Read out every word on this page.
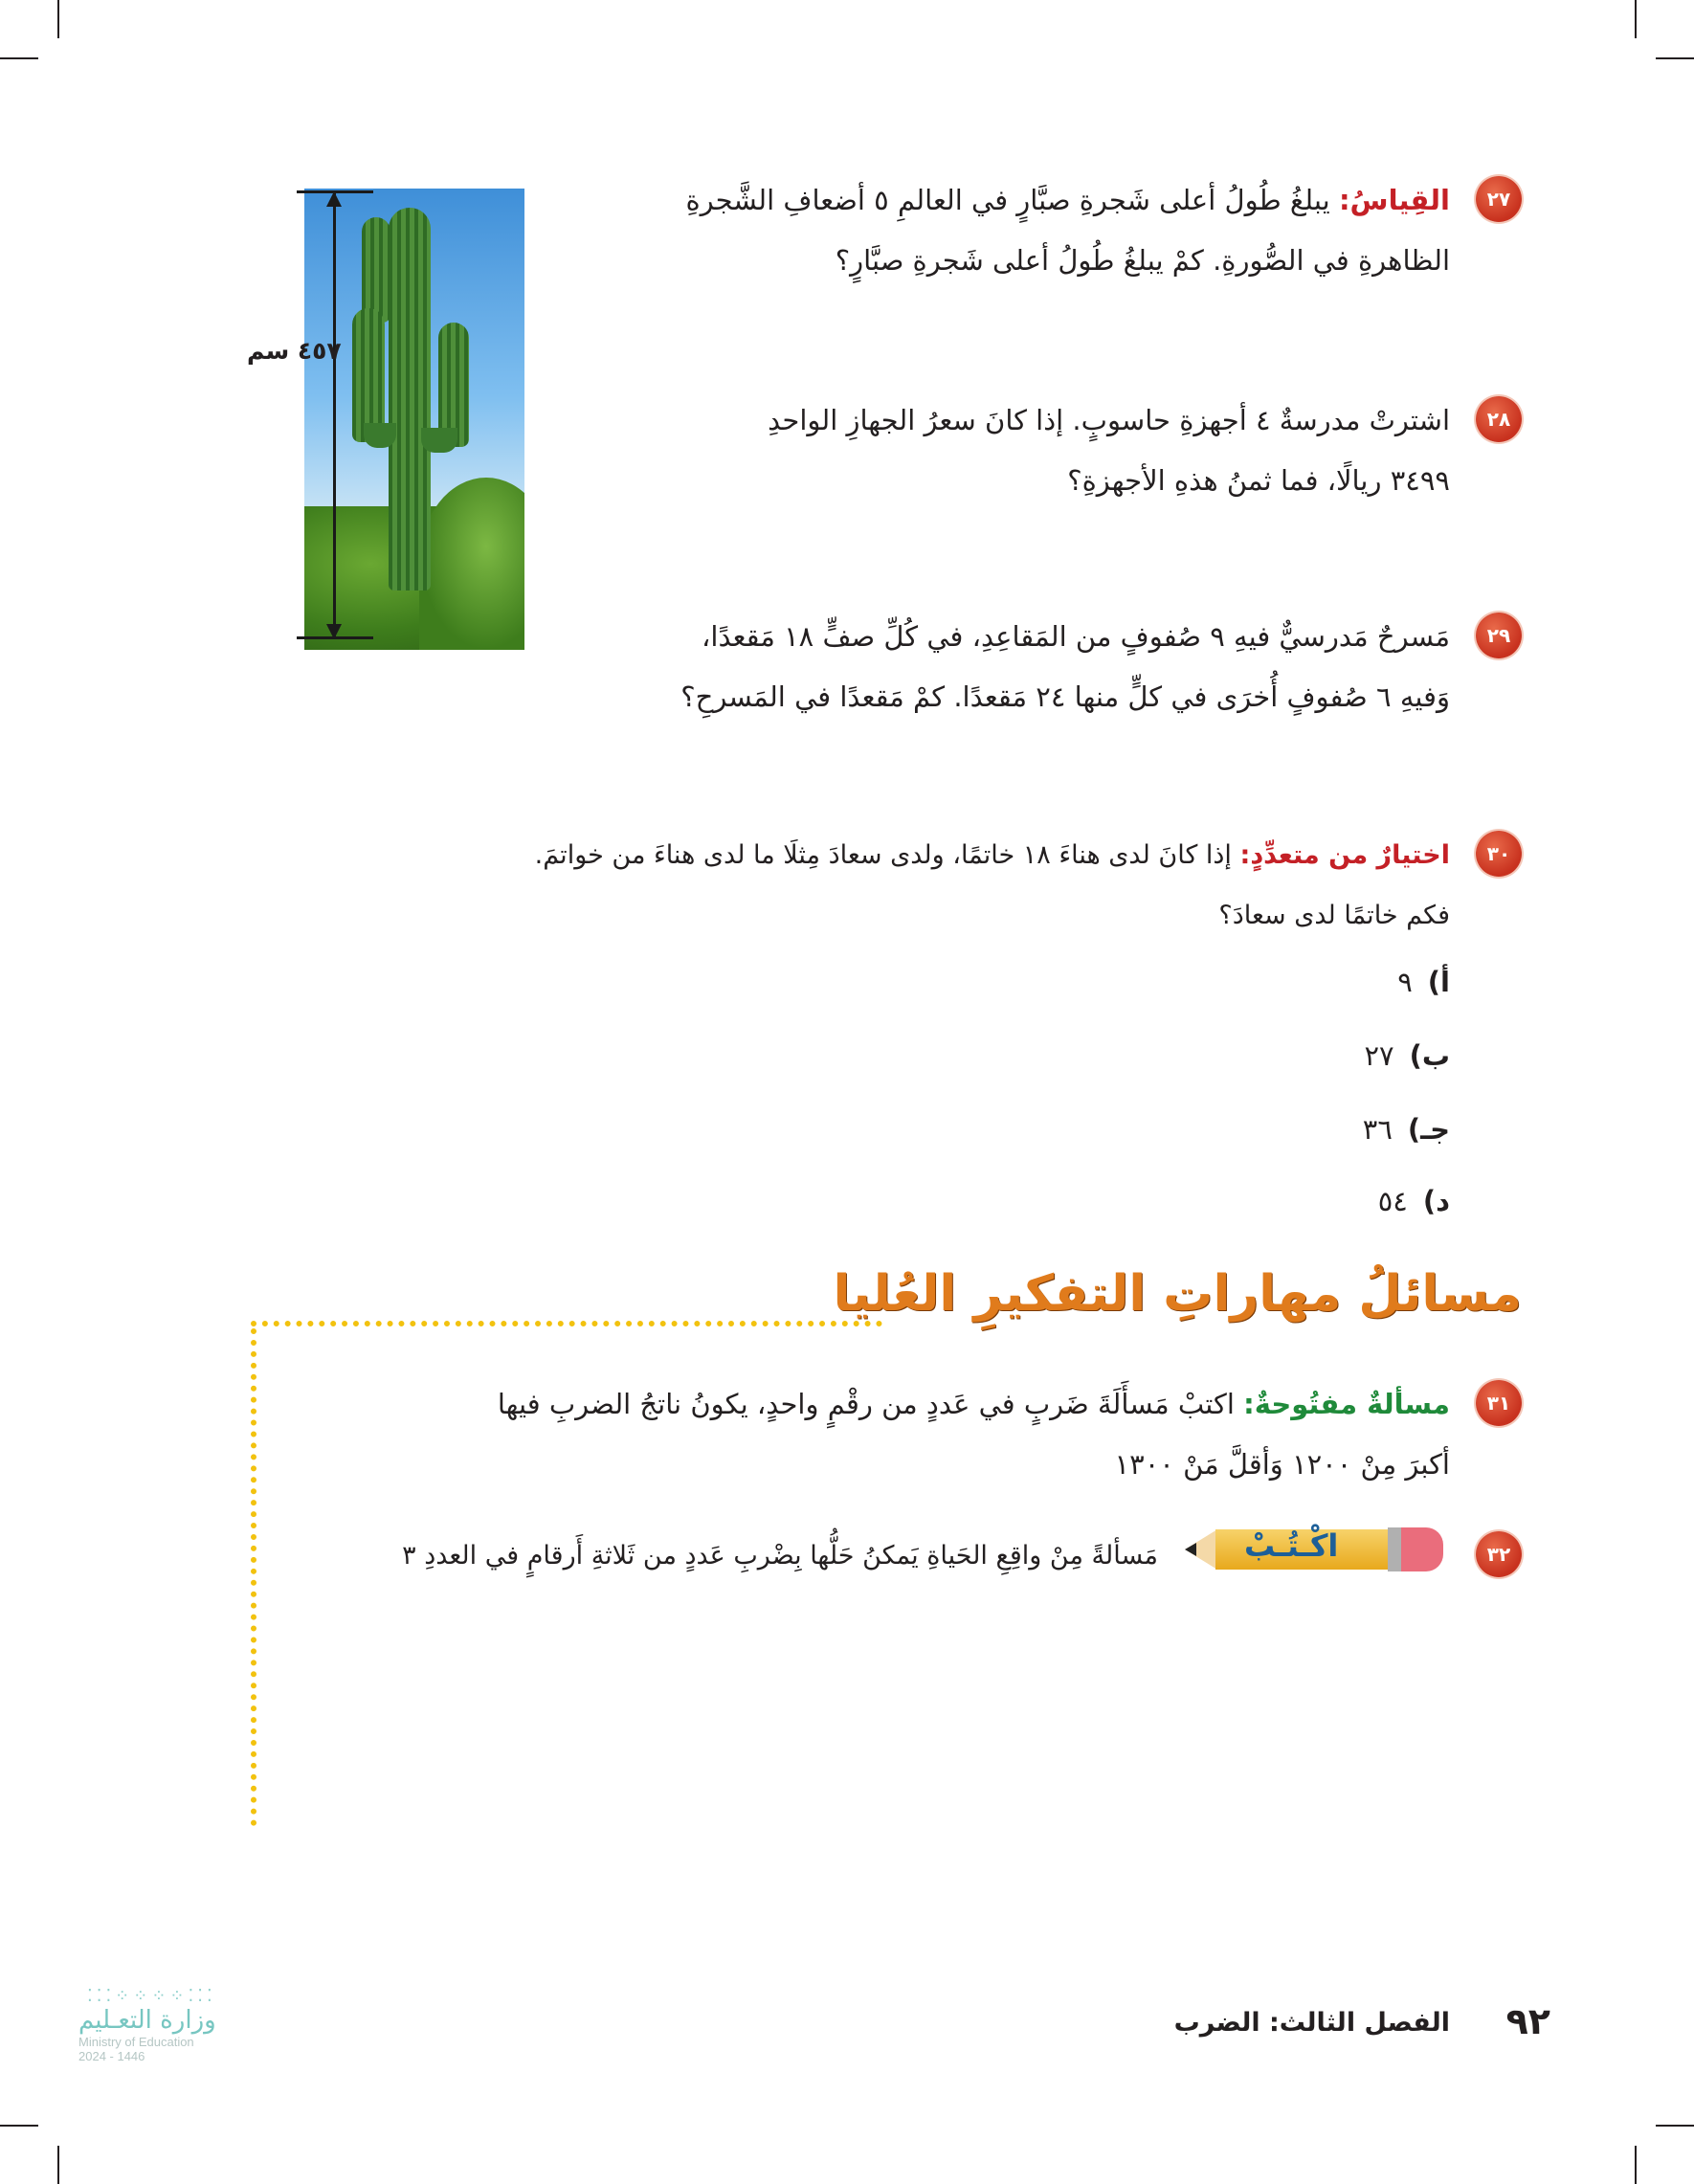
٤٥٧ سم
٢٧
القِياسُ: يبلغُ طُولُ أعلى شَجرةِ صبَّارٍ في العالمِ ٥ أضعافِ الشَّجرةِ
الظاهرةِ في الصُّورةِ. كمْ يبلغُ طُولُ أعلى شَجرةِ صبَّارٍ؟
٢٨
اشترتْ مدرسةٌ ٤ أجهزةِ حاسوبٍ. إذا كانَ سعرُ الجهازِ الواحدِ
٣٤٩٩ ريالًا، فما ثمنُ هذهِ الأجهزةِ؟
٢٩
مَسرحٌ مَدرسيٌّ فيهِ ٩ صُفوفٍ من المَقاعِدِ، في كُلِّ صفٍّ ١٨ مَقعدًا،
وَفيهِ ٦ صُفوفٍ أُخرَى في كلٍّ منها ٢٤ مَقعدًا. كمْ مَقعدًا في المَسرحِ؟
٣٠
اختيارٌ من متعدِّدٍ: إذا كانَ لدى هناءَ ١٨ خاتمًا، ولدى سعادَ مِثلَا ما لدى هناءَ من خواتمَ.
فكم خاتمًا لدى سعادَ؟
أ)٩
ب)٢٧
جـ)٣٦
د)٥٤
مسائلُ مهاراتِ التفكيرِ العُليا
٣١
مسألةٌ مفتُوحةٌ: اكتبْ مَسأَلَةَ ضَربٍ في عَددٍ من رقْمٍ واحدٍ، يكونُ ناتجُ الضربِ فيها
أكبرَ مِنْ ١٢٠٠ وَأقلَّ مَنْ ١٣٠٠
٣٢
اكْـتُـبْ
مَسألةً مِنْ واقِعِ الحَياةِ يَمكنُ حَلُّها بِضْربِ عَددٍ من ثَلاثةِ أَرقامٍ في العددِ ٣
٩٢
الفصل الثالث: الضرب
⁚⁚⁚⁘⁘⁘⁘⁚⁚⁚
وزارة التعـليم
Ministry of Education
2024 - 1446
